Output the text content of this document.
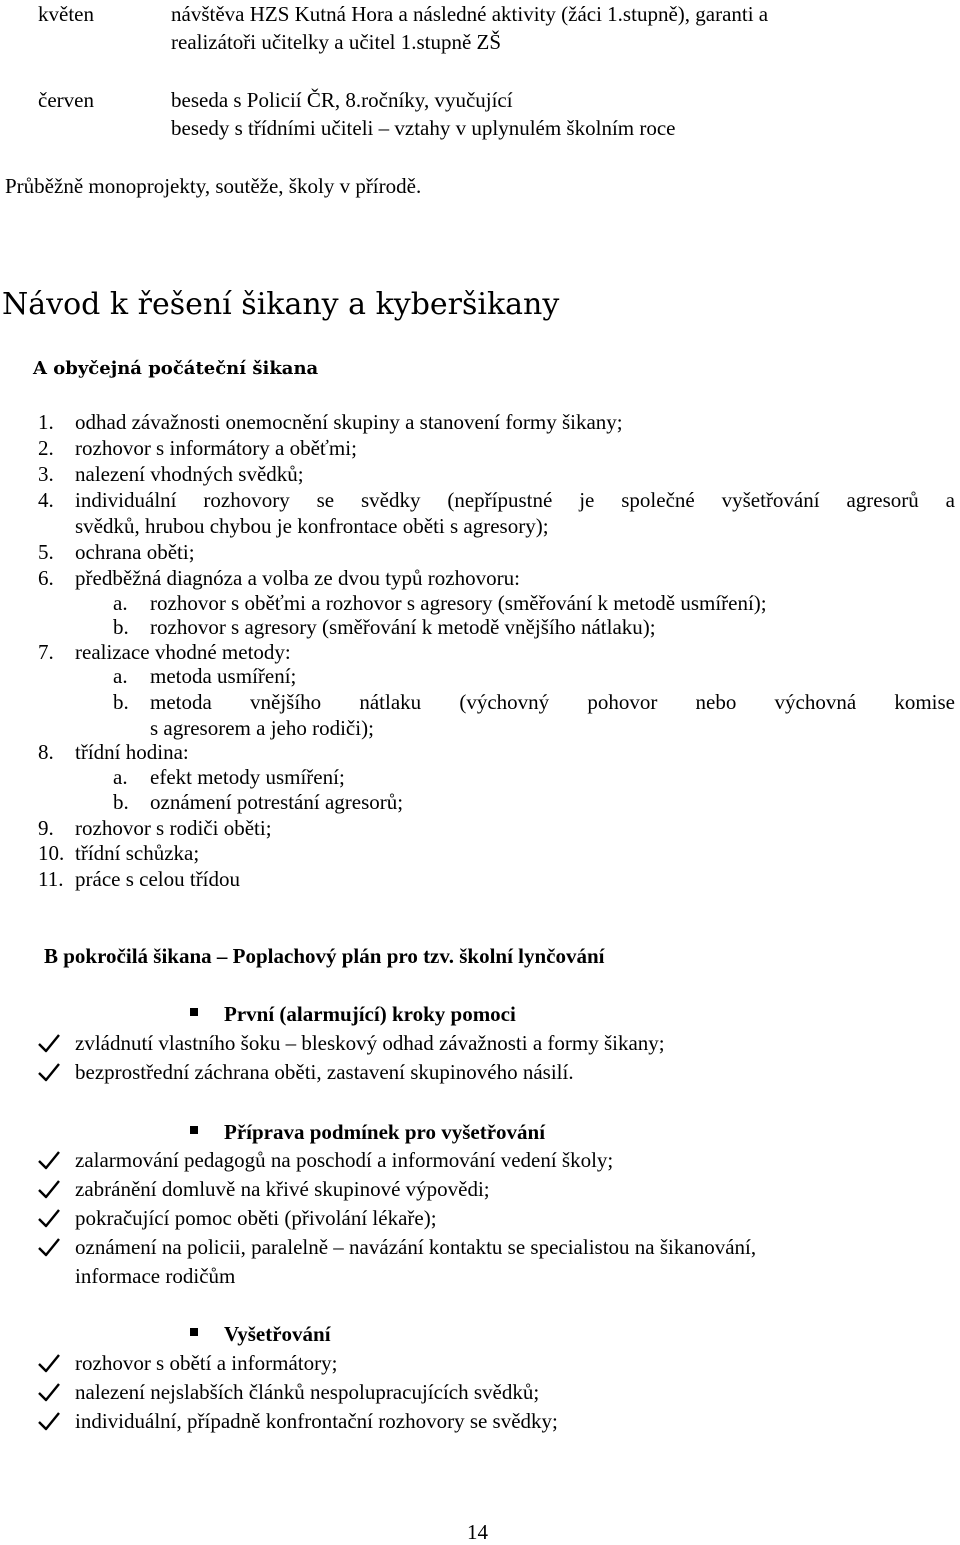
květen	návštěva HZS Kutná Hora a následné aktivity (žáci 1.stupně), garanti a
realizátoři učitelky a učitel 1.stupně ZŠ
červen	beseda s Policií ČR, 8.ročníky, vyučující
besedy s třídními učiteli – vztahy v uplynulém školním roce
Průběžně monoprojekty, soutěže, školy v přírodě.
Návod k řešení šikany a kyberšikany
A obyčejná počáteční šikana
1.	odhad závažnosti onemocnění skupiny a stanovení formy šikany;
2.	rozhovor s informátory a oběťmi;
3.	nalezení vhodných svědků;
4.	individuální rozhovory se svědky (nepřípustné je společné vyšetřování agresorů a
svědků, hrubou chybou je konfrontace oběti s agresory);
5.	ochrana oběti;
6.	předběžná diagnóza a volba ze dvou typů rozhovoru:
a. rozhovor s oběťmi a rozhovor s agresory (směřování k metodě usmíření);
b. rozhovor s agresory (směřování k metodě vnějšího nátlaku);
7.	realizace vhodné metody:
a. metoda usmíření;
b. metoda vnějšího nátlaku (výchovný pohovor nebo výchovná komise
s agresorem a jeho rodiči);
8.	třídní hodina:
a. efekt metody usmíření;
b. oznámení potrestání agresorů;
9.	rozhovor s rodiči oběti;
10. třídní schůzka;
11. práce s celou třídou
B pokročilá šikana – Poplachový plán pro tzv. školní lynčování
První (alarmující) kroky pomoci
zvládnutí vlastního šoku – bleskový odhad závažnosti a formy šikany;
bezprostřední záchrana oběti, zastavení skupinového násilí.
Příprava podmínek pro vyšetřování
zalarmování pedagogů na poschodí a informování vedení školy;
zabránění domluvě na křivé skupinové výpovědi;
pokračující pomoc oběti (přivolání lékaře);
oznámení na policii, paralelně – navázání kontaktu se specialistou na šikanování,
informace rodičům
Vyšetřování
rozhovor s obětí a informátory;
nalezení nejslabších článků nespolupracujících svědků;
individuální, případně konfrontační rozhovory se svědky;
14
